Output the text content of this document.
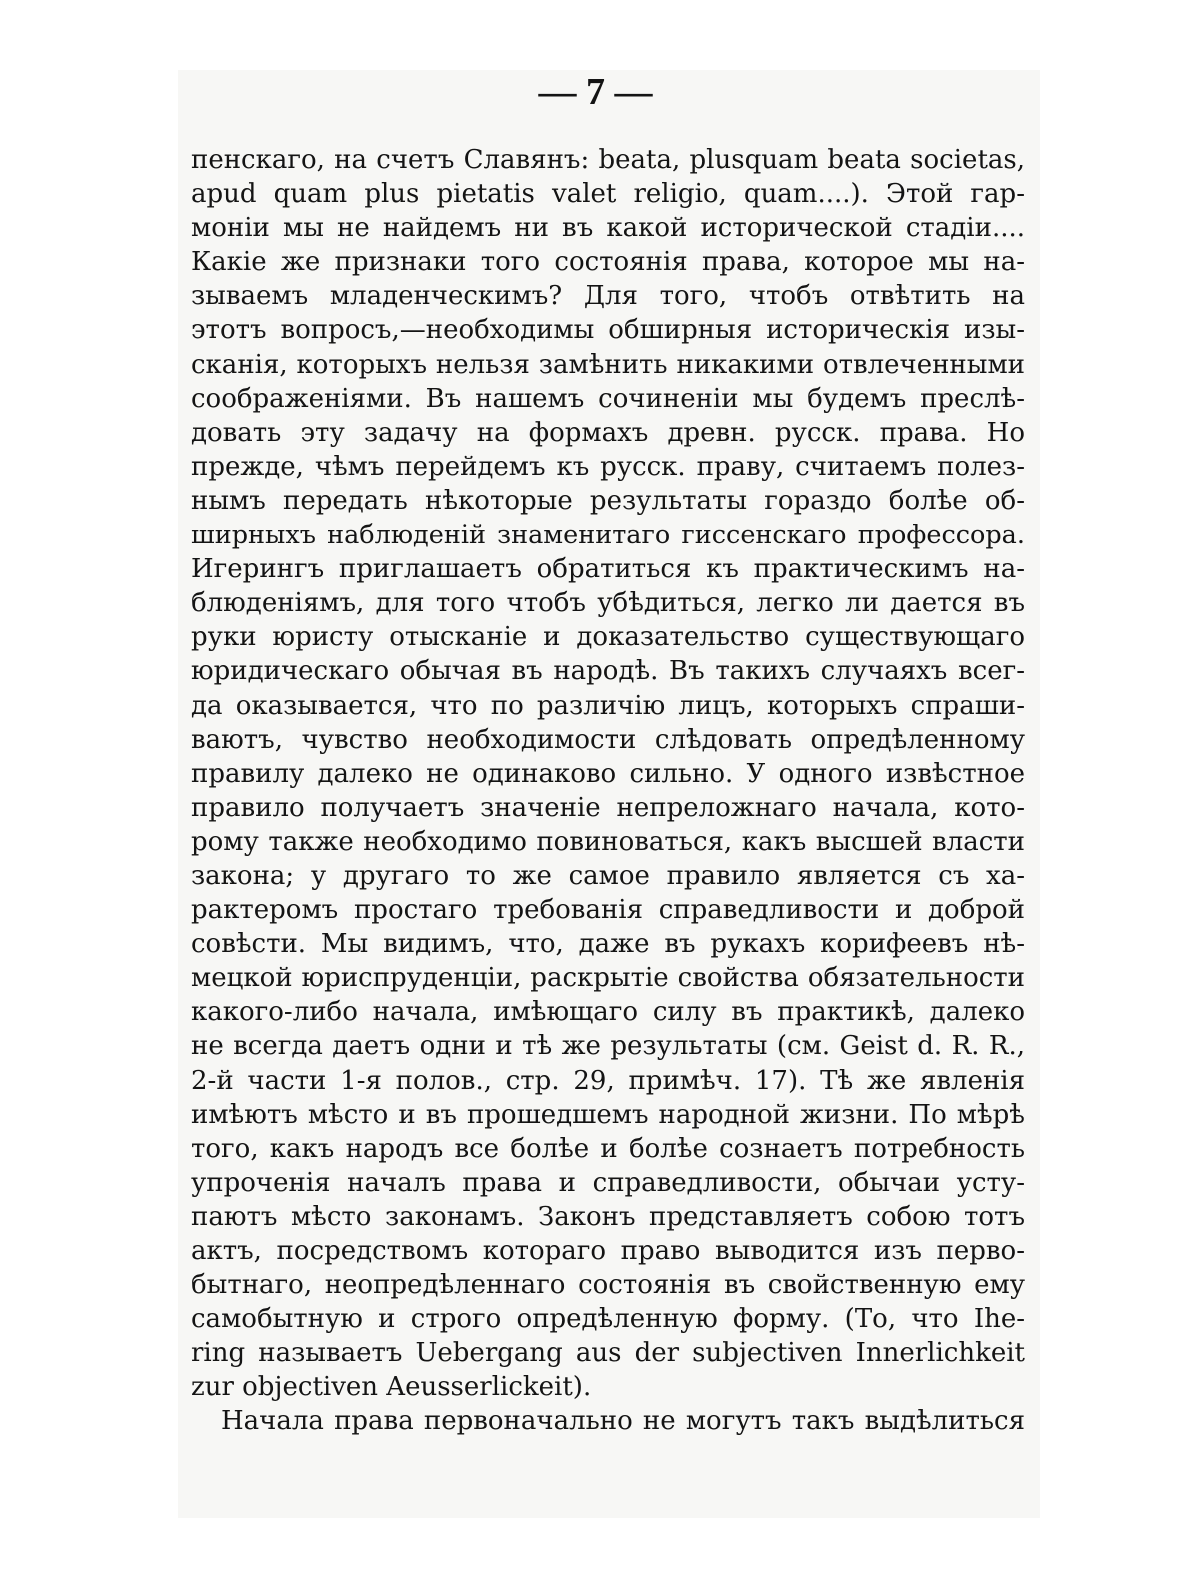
— 7 —
пенскаго, на счетъ Славянъ: beata, plusquam beata societas,
apud quam plus pietatis valet religio, quam....). Этой гар-
моніи мы не найдемъ ни въ какой исторической стадіи....
Какіе же признаки того состоянія права, которое мы на-
зываемъ младенческимъ? Для того, чтобъ отвѣтить на
этотъ вопросъ,—необходимы обширныя историческія изы-
сканія, которыхъ нельзя замѣнить никакими отвлеченными
соображеніями. Въ нашемъ сочиненіи мы будемъ преслѣ-
довать эту задачу на формахъ древн. русск. права. Но
прежде, чѣмъ перейдемъ къ русск. праву, считаемъ полез-
нымъ передать нѣкоторые результаты гораздо болѣе об-
ширныхъ наблюденій знаменитаго гиссенскаго профессора.
Игерингъ приглашаетъ обратиться къ практическимъ на-
блюденіямъ, для того чтобъ убѣдиться, легко ли дается въ
руки юристу отысканіе и доказательство существующаго
юридическаго обычая въ народѣ. Въ такихъ случаяхъ всег-
да оказывается, что по различію лицъ, которыхъ спраши-
ваютъ, чувство необходимости слѣдовать опредѣленному
правилу далеко не одинаково сильно. У одного извѣстное
правило получаетъ значеніе непреложнаго начала, кото-
рому также необходимо повиноваться, какъ высшей власти
закона; у другаго то же самое правило является съ ха-
рактеромъ простаго требованія справедливости и доброй
совѣсти. Мы видимъ, что, даже въ рукахъ корифеевъ нѣ-
мецкой юриспруденціи, раскрытіе свойства обязательности
какого-либо начала, имѣющаго силу въ практикѣ, далеко
не всегда даетъ одни и тѣ же результаты (см. Geist d. R. R.,
2-й части 1-я полов., стр. 29, примѣч. 17). Тѣ же явленія
имѣютъ мѣсто и въ прошедшемъ народной жизни. По мѣрѣ
того, какъ народъ все болѣе и болѣе сознаетъ потребность
упроченія началъ права и справедливости, обычаи усту-
паютъ мѣсто законамъ. Законъ представляетъ собою тотъ
актъ, посредствомъ котораго право выводится изъ перво-
бытнаго, неопредѣленнаго состоянія въ свойственную ему
самобытную и строго опредѣленную форму. (То, что Ihe-
ring называетъ Uebergang aus der subjectiven Innerlichkeit
zur objectiven Aeusserlickeit).
Начала права первоначально не могутъ такъ выдѣлиться
